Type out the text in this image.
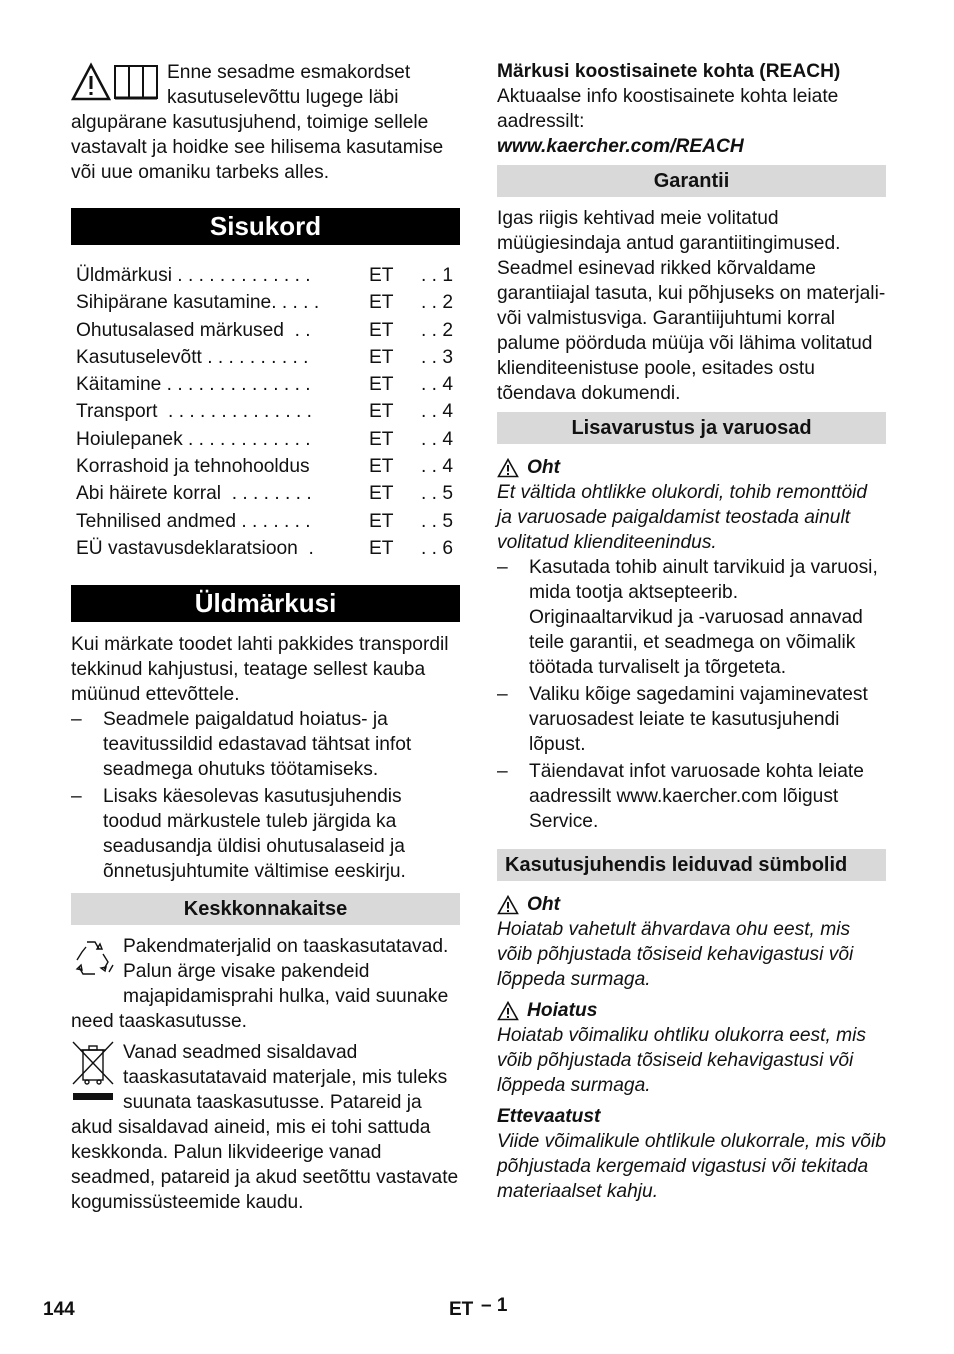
Enne sesadme esmakordset kasutuselevõttu lugege läbi algupärane kasutusjuhend, toimige sellele vastavalt ja hoidke see hilisema kasutamise või uue omaniku tarbeks alles.

Sisukord
Üldmärkusi . . . . . . . . . . . . .	ET . . 1
Sihipärane kasutamine. . . . .	ET . . 2
Ohutusalased märkused  . .	ET . . 2
Kasutuselevõtt . . . . . . . . . .	ET . . 3
Käitamine . . . . . . . . . . . . . .	ET . . 4
Transport  . . . . . . . . . . . . . .	ET . . 4
Hoiulepanek . . . . . . . . . . . .	ET . . 4
Korrashoid ja tehnohooldus	ET . . 4
Abi häirete korral  . . . . . . . .	ET . . 5
Tehnilised andmed . . . . . . .	ET . . 5
EÜ vastavusdeklaratsioon  .	ET . . 6
Üldmärkusi

Kui märkate toodet lahti pakkides transpordil tekkinud kahjustusi, teatage sellest kauba müünud ettevõttele.

– Seadmele paigaldatud hoiatus- ja teavitussildid edastavad tähtsat infot seadmega ohutuks töötamiseks.
– Lisaks käesolevas kasutusjuhendis toodud märkustele tuleb järgida ka seadusandja üldisi ohutusalaseid ja õnnetusjuhtumite vältimise eeskirju.
Keskkonnakaitse

Pakendmaterjalid on taaskasutatavad. Palun ärge visake pakendeid majapidamisprahi hulka, vaid suunake need taaskasutusse.

Vanad seadmed sisaldavad taaskasutatavaid materjale, mis tuleks suunata taaskasutusse. Patareid ja akud sisaldavad aineid, mis ei tohi sattuda keskkonda. Palun likvideerige vanad seadmed, patareid ja akud seetõttu vastavate kogumissüsteemide kaudu.

Märkusi koostisainete kohta (REACH)

Aktuaalse info koostisainete kohta leiate aadressilt:

www.kaercher.com/REACH

Garantii

Igas riigis kehtivad meie volitatud müügiesindaja antud garantiitingimused. Seadmel esinevad rikked kõrvaldame garantiiajal tasuta, kui põhjuseks on materjali- või valmistusviga. Garantiijuhtumi korral palume pöörduda müüja või lähima volitatud klienditeenistuse poole, esitades ostu tõendava dokumendi.

Lisavarustus ja varuosad
Oht

Et vältida ohtlikke olukordi, tohib remonttöid ja varuosade paigaldamist teostada ainult volitatud klienditeenindus.

– Kasutada tohib ainult tarvikuid ja varuosi, mida tootja aktsepteerib. Originaaltarvikud ja -varuosad annavad teile garantii, et seadmega on võimalik töötada turvaliselt ja tõrgeteta.
– Valiku kõige sagedamini vajaminevatest varuosadest leiate te kasutusjuhendi lõpust.
– Täiendavat infot varuosade kohta leiate aadressilt www.kaercher.com lõigust Service.
Kasutusjuhendis leiduvad sümbolid
Oht

Hoiatab vahetult ähvardava ohu eest, mis võib põhjustada tõsiseid kehavigastusi või lõppeda surmaga.

Hoiatus

Hoiatab võimaliku ohtliku olukorra eest, mis võib põhjustada tõsiseid kehavigastusi või lõppeda surmaga.

Ettevaatust

Viide võimalikule ohtlikule olukorrale, mis võib põhjustada kergemaid vigastusi või tekitada materiaalset kahju.

144	ET – 1
